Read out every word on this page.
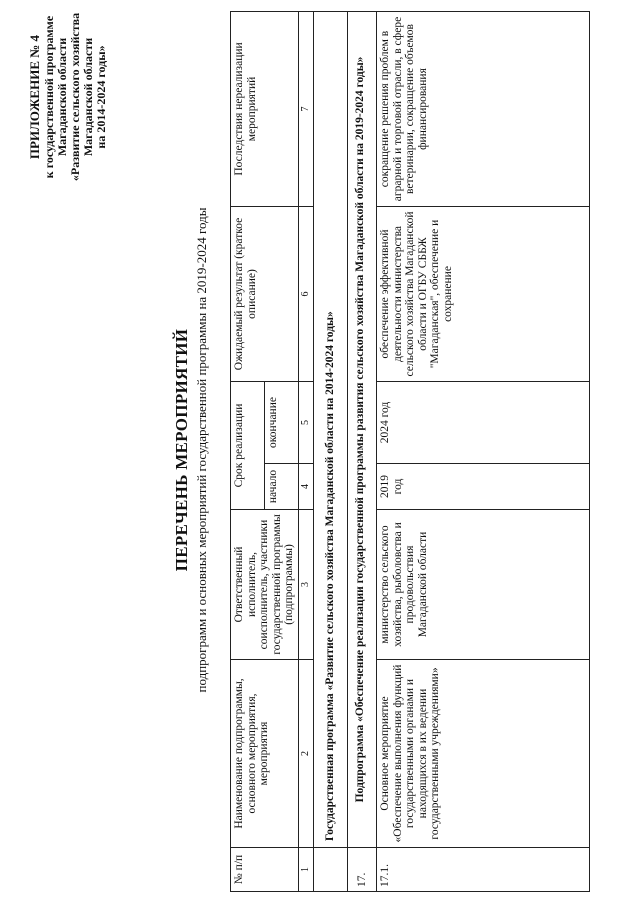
ПРИЛОЖЕНИЕ № 4 к государственной программе Магаданской области «Развитие сельского хозяйства Магаданской области на 2014-2024 годы»
ПЕРЕЧЕНЬ МЕРОПРИЯТИЙ подпрограмм и основных мероприятий государственной программы на 2019-2024 годы
№ п/п	Наименование подпрограммы, основного мероприятия, мероприятия	Ответственный исполнитель, соисполнитель, участники государственной программы (подпрограммы)	Срок реализации		Ожидаемый результат (краткое описание)	Последствия нереализации мероприятий
			начало	окончание		
1	2	3	4	5	6	7
	Государственная программа «Развитие сельского хозяйства Магаданской области на 2014-2024 годы»					
17.	Подпрограмма «Обеспечение реализации государственной программы развития сельского хозяйства Магаданской области на 2019-2024 годы»					
17.1.	Основное мероприятие «Обеспечение выполнения функций государственными органами и находящихся в их ведении государственными учреждениями»	министерство сельского хозяйства, рыболовства и продовольствия Магаданской области	2019 год	2024 год	обеспечение эффективной деятельности министерства сельского хозяйства Магаданской области и ОГБУ СББЖ "Магаданская", обеспечение и сохранение	сокращение решения проблем в аграрной и торговой отрасли, в сфере ветеринарии, сокращение объемов финансирования
